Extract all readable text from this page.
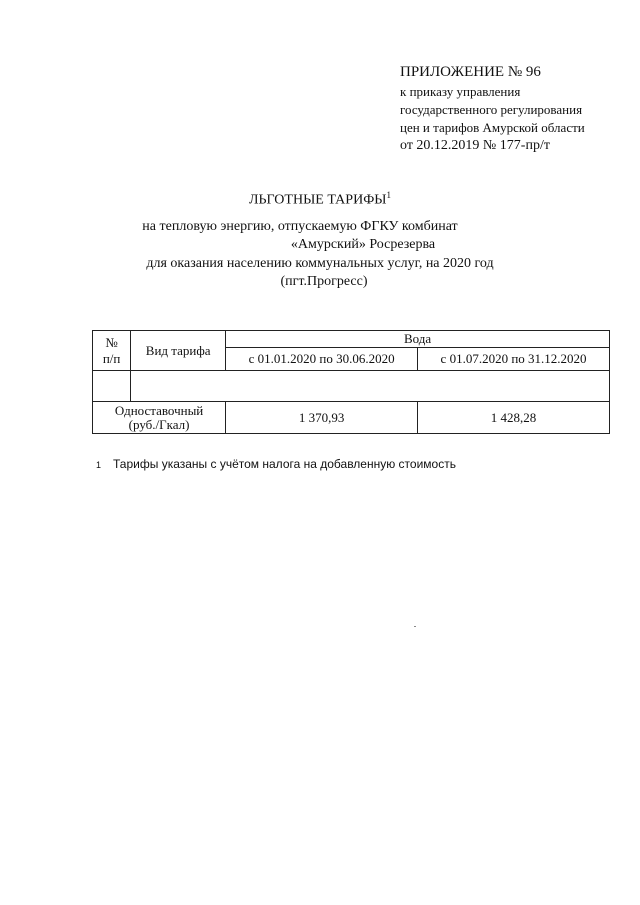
ПРИЛОЖЕНИЕ № 96
к приказу управления
государственного регулирования
цен и тарифов Амурской области
от 20.12.2019 № 177-пр/т
ЛЬГОТНЫЕ ТАРИФЫ$^1$
на тепловую энергию, отпускаемую ФГКУ комбинат
«Амурский» Росрезерва
для оказания населению коммунальных услуг, на 2020 год
(пгт.Прогресс)
№
п/п	Вид тарифа	Вода	
		с 01.01.2020 по 30.06.2020	с 01.07.2020 по 31.12.2020

Одноставочный
(руб./Гкал)		1 370,93	1 428,28
1 Тарифы указаны с учётом налога на добавленную стоимость
